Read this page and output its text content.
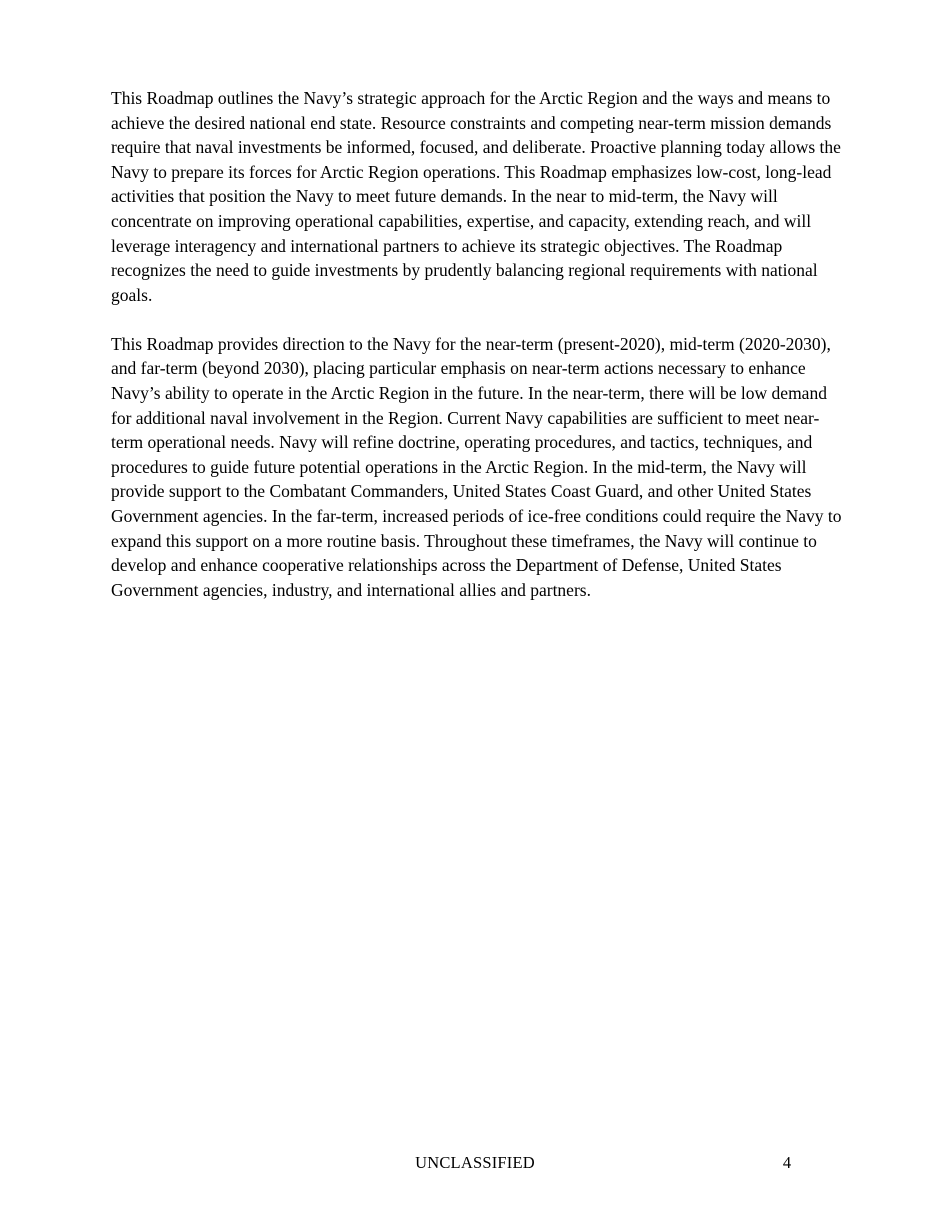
This Roadmap outlines the Navy’s strategic approach for the Arctic Region and the ways and means to achieve the desired national end state. Resource constraints and competing near-term mission demands require that naval investments be informed, focused, and deliberate. Proactive planning today allows the Navy to prepare its forces for Arctic Region operations. This Roadmap emphasizes low-cost, long-lead activities that position the Navy to meet future demands. In the near to mid-term, the Navy will concentrate on improving operational capabilities, expertise, and capacity, extending reach, and will leverage interagency and international partners to achieve its strategic objectives. The Roadmap recognizes the need to guide investments by prudently balancing regional requirements with national goals.

This Roadmap provides direction to the Navy for the near-term (present-2020), mid-term (2020-2030), and far-term (beyond 2030), placing particular emphasis on near-term actions necessary to enhance Navy’s ability to operate in the Arctic Region in the future. In the near-term, there will be low demand for additional naval involvement in the Region. Current Navy capabilities are sufficient to meet near-term operational needs. Navy will refine doctrine, operating procedures, and tactics, techniques, and procedures to guide future potential operations in the Arctic Region. In the mid-term, the Navy will provide support to the Combatant Commanders, United States Coast Guard, and other United States Government agencies. In the far-term, increased periods of ice-free conditions could require the Navy to expand this support on a more routine basis. Throughout these timeframes, the Navy will continue to develop and enhance cooperative relationships across the Department of Defense, United States Government agencies, industry, and international allies and partners.

UNCLASSIFIED	4
